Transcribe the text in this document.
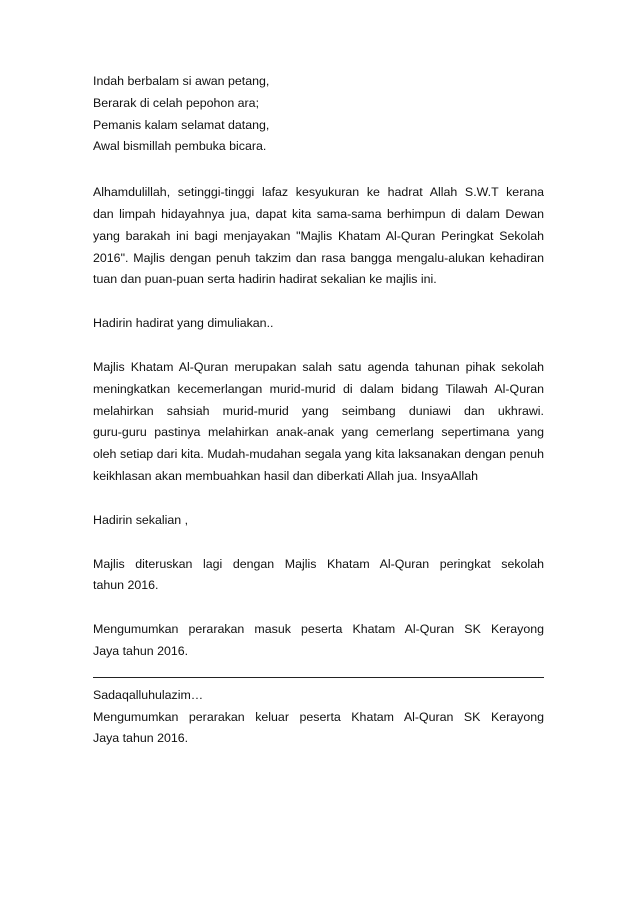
Indah berbalam si awan petang,
Berarak di celah pepohon ara;
Pemanis kalam selamat datang,
Awal bismillah pembuka bicara.
Alhamdulillah, setinggi-tinggi lafaz kesyukuran ke hadrat Allah S.W.T kerana
dan limpah hidayahnya jua, dapat kita sama-sama berhimpun di dalam Dewan
yang barakah ini bagi menjayakan "Majlis Khatam Al-Quran Peringkat Sekolah
2016". Majlis dengan penuh takzim dan rasa bangga mengalu-alukan kehadiran
tuan dan puan-puan serta hadirin hadirat sekalian ke majlis ini.
Hadirin hadirat yang dimuliakan..
Majlis Khatam Al-Quran merupakan salah satu agenda tahunan pihak sekolah
meningkatkan kecemerlangan murid-murid di dalam bidang Tilawah Al-Quran
melahirkan sahsiah murid-murid yang seimbang duniawi dan ukhrawi.
guru-guru pastinya melahirkan anak-anak yang cemerlang sepertimana yang
oleh setiap dari kita. Mudah-mudahan segala yang kita laksanakan dengan penuh
keikhlasan akan membuahkan hasil dan diberkati Allah jua. InsyaAllah
Hadirin sekalian ,
Majlis diteruskan lagi dengan Majlis Khatam Al-Quran peringkat sekolah
tahun 2016.
Mengumumkan perarakan masuk peserta Khatam Al-Quran SK Kerayong
Jaya tahun 2016.
Sadaqalluhulazim…
Mengumumkan perarakan keluar peserta Khatam Al-Quran SK Kerayong
Jaya tahun 2016.
